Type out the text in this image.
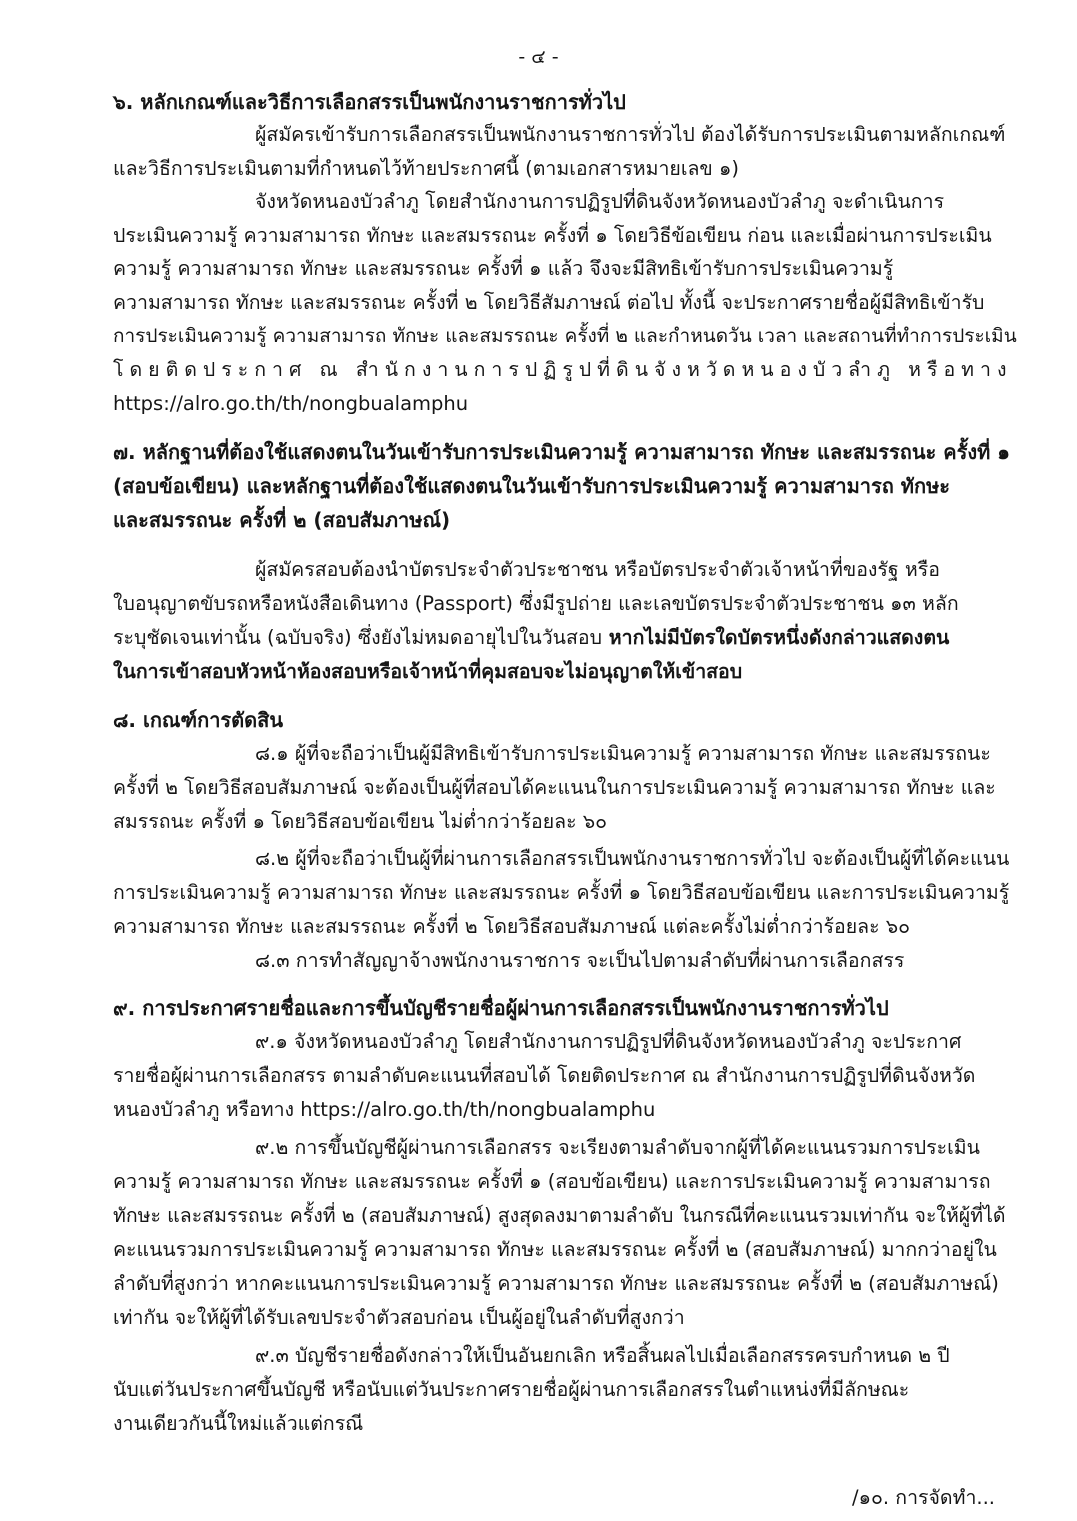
- ๔ -
๖. หลักเกณฑ์และวิธีการเลือกสรรเป็นพนักงานราชการทั่วไป
ผู้สมัครเข้ารับการเลือกสรรเป็นพนักงานราชการทั่วไป ต้องได้รับการประเมินตามหลักเกณฑ์
และวิธีการประเมินตามที่กำหนดไว้ท้ายประกาศนี้ (ตามเอกสารหมายเลข ๑)
จังหวัดหนองบัวลำภู โดยสำนักงานการปฏิรูปที่ดินจังหวัดหนองบัวลำภู จะดำเนินการ
ประเมินความรู้ ความสามารถ ทักษะ และสมรรถนะ ครั้งที่ ๑ โดยวิธีข้อเขียน ก่อน และเมื่อผ่านการประเมิน
ความรู้ ความสามารถ ทักษะ และสมรรถนะ ครั้งที่ ๑ แล้ว จึงจะมีสิทธิเข้ารับการประเมินความรู้
ความสามารถ ทักษะ และสมรรถนะ ครั้งที่ ๒ โดยวิธีสัมภาษณ์ ต่อไป ทั้งนี้ จะประกาศรายชื่อผู้มีสิทธิเข้ารับ
การประเมินความรู้ ความสามารถ ทักษะ และสมรรถนะ ครั้งที่ ๒ และกำหนดวัน เวลา และสถานที่ทำการประเมิน
โดยติดประกาศ ณ สำนักงานการปฏิรูปที่ดินจังหวัดหนองบัวลำภู หรือทาง
https://alro.go.th/th/nongbualamphu
๗. หลักฐานที่ต้องใช้แสดงตนในวันเข้ารับการประเมินความรู้ ความสามารถ ทักษะ และสมรรถนะ ครั้งที่ ๑
(สอบข้อเขียน) และหลักฐานที่ต้องใช้แสดงตนในวันเข้ารับการประเมินความรู้ ความสามารถ ทักษะ
และสมรรถนะ ครั้งที่ ๒ (สอบสัมภาษณ์)
ผู้สมัครสอบต้องนำบัตรประจำตัวประชาชน หรือบัตรประจำตัวเจ้าหน้าที่ของรัฐ หรือ
ใบอนุญาตขับรถหรือหนังสือเดินทาง (Passport) ซึ่งมีรูปถ่าย และเลขบัตรประจำตัวประชาชน ๑๓ หลัก
ระบุชัดเจนเท่านั้น (ฉบับจริง) ซึ่งยังไม่หมดอายุไปในวันสอบ หากไม่มีบัตรใดบัตรหนึ่งดังกล่าวแสดงตน
ในการเข้าสอบหัวหน้าห้องสอบหรือเจ้าหน้าที่คุมสอบจะไม่อนุญาตให้เข้าสอบ
๘. เกณฑ์การตัดสิน
๘.๑ ผู้ที่จะถือว่าเป็นผู้มีสิทธิเข้ารับการประเมินความรู้ ความสามารถ ทักษะ และสมรรถนะ
ครั้งที่ ๒ โดยวิธีสอบสัมภาษณ์ จะต้องเป็นผู้ที่สอบได้คะแนนในการประเมินความรู้ ความสามารถ ทักษะ และ
สมรรถนะ ครั้งที่ ๑ โดยวิธีสอบข้อเขียน ไม่ต่ำกว่าร้อยละ ๖๐
๘.๒ ผู้ที่จะถือว่าเป็นผู้ที่ผ่านการเลือกสรรเป็นพนักงานราชการทั่วไป จะต้องเป็นผู้ที่ได้คะแนน
การประเมินความรู้ ความสามารถ ทักษะ และสมรรถนะ ครั้งที่ ๑ โดยวิธีสอบข้อเขียน และการประเมินความรู้
ความสามารถ ทักษะ และสมรรถนะ ครั้งที่ ๒ โดยวิธีสอบสัมภาษณ์ แต่ละครั้งไม่ต่ำกว่าร้อยละ ๖๐
๘.๓ การทำสัญญาจ้างพนักงานราชการ จะเป็นไปตามลำดับที่ผ่านการเลือกสรร
๙. การประกาศรายชื่อและการขึ้นบัญชีรายชื่อผู้ผ่านการเลือกสรรเป็นพนักงานราชการทั่วไป
๙.๑ จังหวัดหนองบัวลำภู โดยสำนักงานการปฏิรูปที่ดินจังหวัดหนองบัวลำภู จะประกาศ
รายชื่อผู้ผ่านการเลือกสรร ตามลำดับคะแนนที่สอบได้ โดยติดประกาศ ณ สำนักงานการปฏิรูปที่ดินจังหวัด
หนองบัวลำภู หรือทาง https://alro.go.th/th/nongbualamphu
๙.๒ การขึ้นบัญชีผู้ผ่านการเลือกสรร จะเรียงตามลำดับจากผู้ที่ได้คะแนนรวมการประเมิน
ความรู้ ความสามารถ ทักษะ และสมรรถนะ ครั้งที่ ๑ (สอบข้อเขียน) และการประเมินความรู้ ความสามารถ
ทักษะ และสมรรถนะ ครั้งที่ ๒ (สอบสัมภาษณ์) สูงสุดลงมาตามลำดับ ในกรณีที่คะแนนรวมเท่ากัน จะให้ผู้ที่ได้
คะแนนรวมการประเมินความรู้ ความสามารถ ทักษะ และสมรรถนะ ครั้งที่ ๒ (สอบสัมภาษณ์) มากกว่าอยู่ใน
ลำดับที่สูงกว่า หากคะแนนการประเมินความรู้ ความสามารถ ทักษะ และสมรรถนะ ครั้งที่ ๒ (สอบสัมภาษณ์)
เท่ากัน จะให้ผู้ที่ได้รับเลขประจำตัวสอบก่อน เป็นผู้อยู่ในลำดับที่สูงกว่า
๙.๓ บัญชีรายชื่อดังกล่าวให้เป็นอันยกเลิก หรือสิ้นผลไปเมื่อเลือกสรรครบกำหนด ๒ ปี
นับแต่วันประกาศขึ้นบัญชี หรือนับแต่วันประกาศรายชื่อผู้ผ่านการเลือกสรรในตำแหน่งที่มีลักษณะ
งานเดียวกันนี้ใหม่แล้วแต่กรณี
/๑๐. การจัดทำ...
